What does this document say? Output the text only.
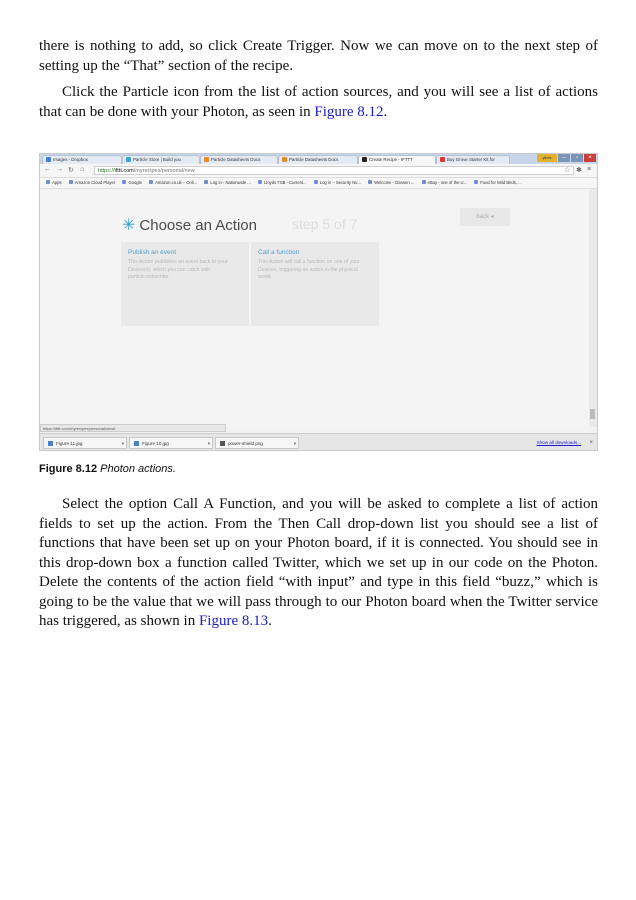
there is nothing to add, so click Create Trigger. Now we can move on to the next step of setting up the “That” section of the recipe.

Click the Particle icon from the list of action sources, and you will see a list of actions that can be done with your Photon, as seen in Figure 8.12.

Images - Dropbox	Particle Store | Build you	Particle Datasheets Docs	Particle Datasheets Docs	Create Recipe - IFTTT	Buy Grove Starter Kit for	yikes	–	▫	×
← → ↻ ⌂	https://ifttt.com/myrecipes/personal/new	☆ ✱ ≡
Apps	Amazon Cloud Player	Google	Amazon.co.uk – Onli...	Log in - Nationwide ...	Lloyds TSB - Current...	Log in – Security Nu...	Welcome - Darwen ...	eBay - one of the U...	Food for Wild Birds, ...
✳ Choose an Action	step 5 of 7	back ◂
Publish an event
This Action publishes an event back to your Device(s), which you can catch with particle.subscribe.
Call a function
This Action will call a function on one of your Devices, triggering an action in the physical world.
https://ifttt.com/myrecipes/personal/new#
Figure 11.jpg	▾	Figure 10.jpg	▾	power-shield.png	▾	Show all downloads... ×
Figure 8.12 Photon actions.

Select the option Call A Function, and you will be asked to complete a list of action fields to set up the action. From the Then Call drop-down list you should see a list of functions that have been set up on your Photon board, if it is connected. You should see in this drop-down box a function called Twitter, which we set up in our code on the Photon. Delete the contents of the action field “with input” and type in this field “buzz,” which is going to be the value that we will pass through to our Photon board when the Twitter service has triggered, as shown in Figure 8.13.
